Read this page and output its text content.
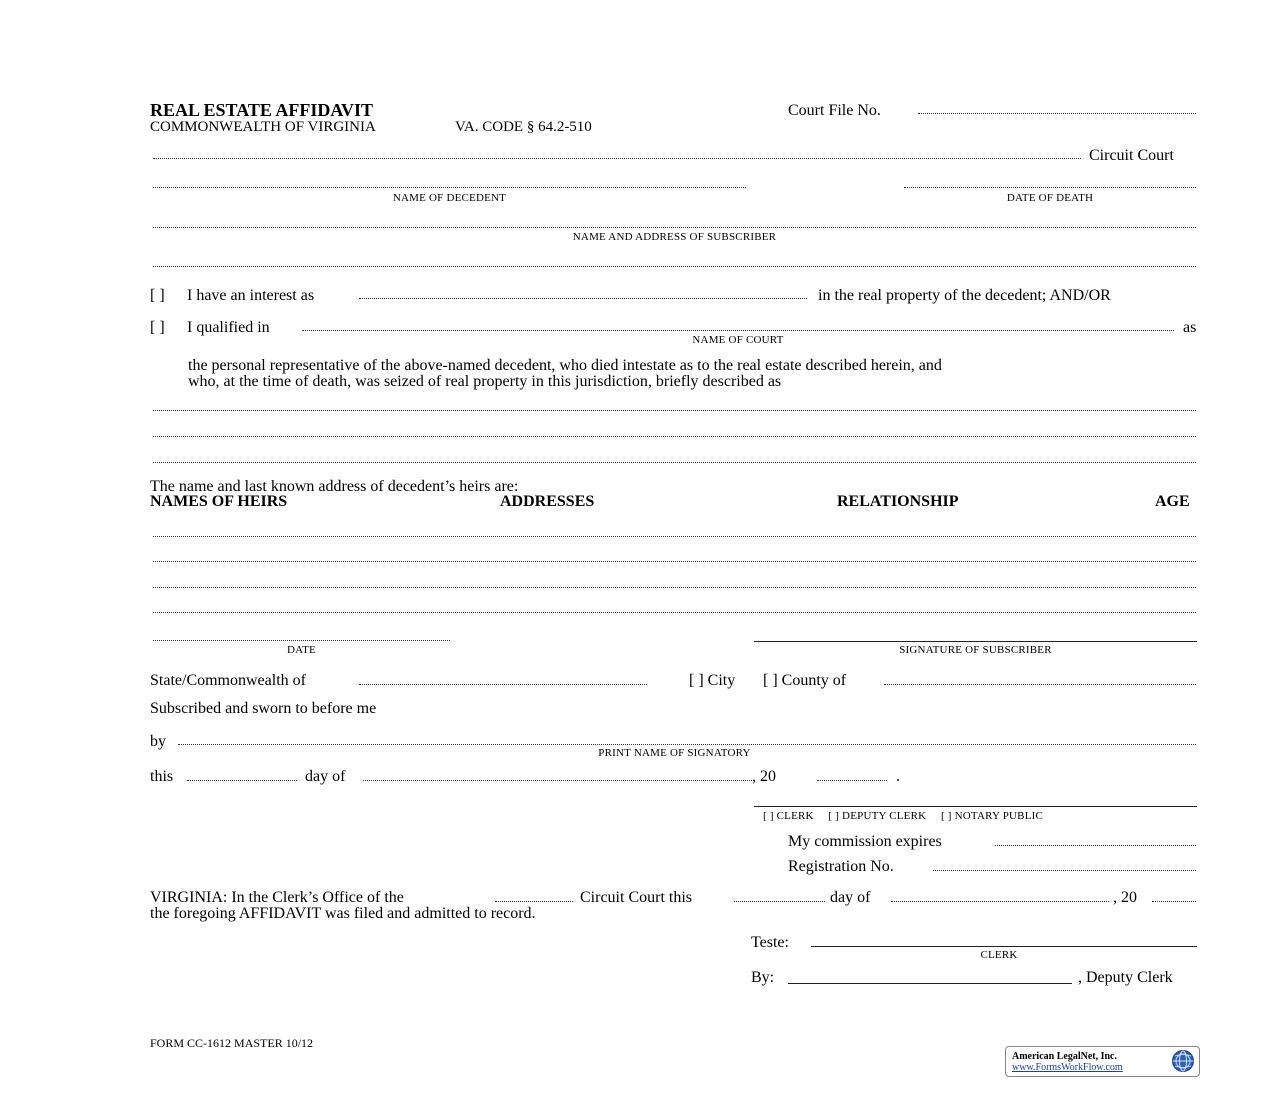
REAL ESTATE AFFIDAVIT
COMMONWEALTH OF VIRGINIA	VA. CODE § 64.2-510
Court File No.
Circuit Court
NAME OF DECEDENT	DATE OF DEATH
NAME AND ADDRESS OF SUBSCRIBER
[ ] I have an interest as	in the real property of the decedent; AND/OR
[ ] I qualified in	as
NAME OF COURT
the personal representative of the above-named decedent, who died intestate as to the real estate described herein, and
who, at the time of death, was seized of real property in this jurisdiction, briefly described as
The name and last known address of decedent’s heirs are:
NAMES OF HEIRS	ADDRESSES	RELATIONSHIP	AGE
DATE	SIGNATURE OF SUBSCRIBER
State/Commonwealth of	[ ] City [ ] County of
Subscribed and sworn to before me
by
PRINT NAME OF SIGNATORY
this	day of	, 20	.
[ ] CLERK     [ ] DEPUTY CLERK     [ ] NOTARY PUBLIC
My commission expires
Registration No.
VIRGINIA: In the Clerk’s Office of the	Circuit Court this	day of	, 20
the foregoing AFFIDAVIT was filed and admitted to record.
Teste:
CLERK
By:	, Deputy Clerk
FORM CC-1612 MASTER 10/12
American LegalNet, Inc.
www.FormsWorkFlow.com
